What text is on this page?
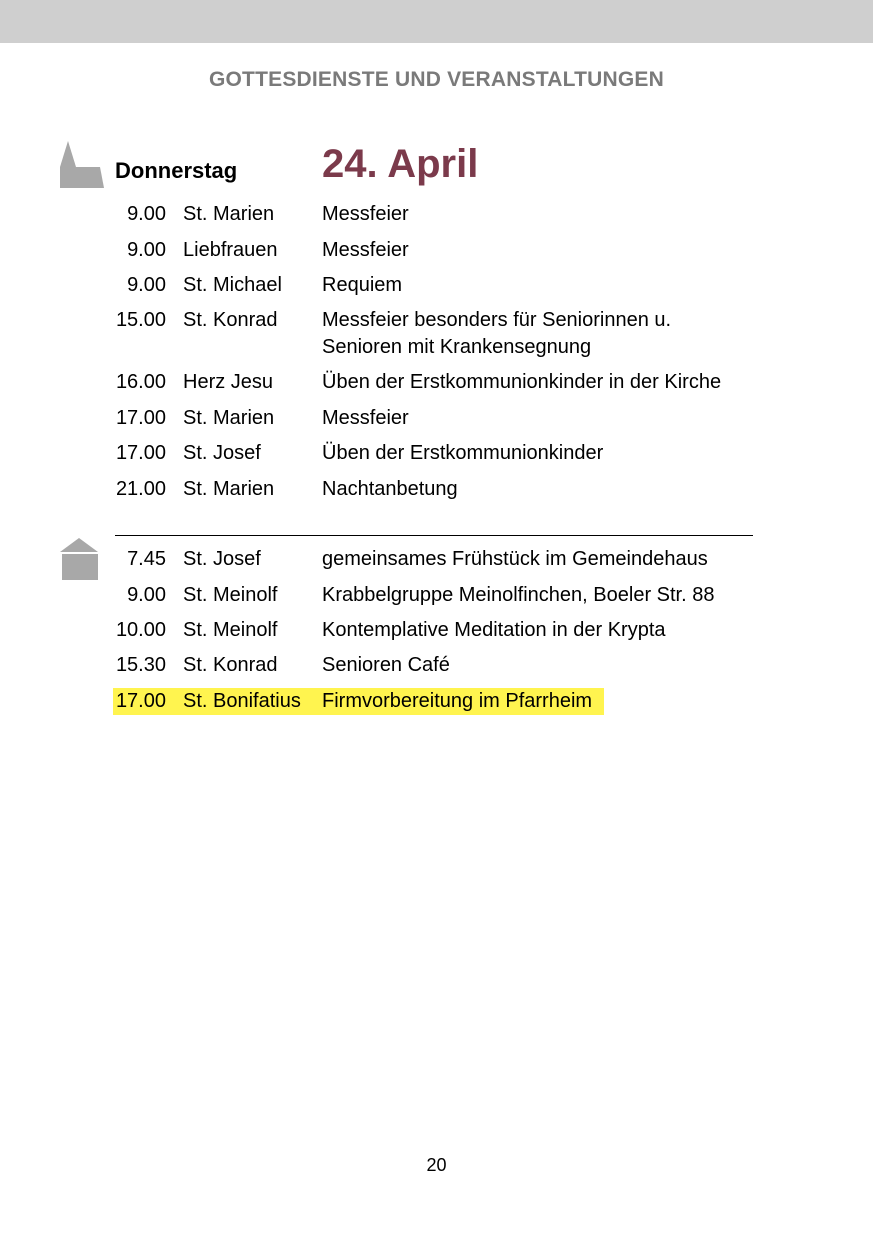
GOTTESDIENSTE UND VERANSTALTUNGEN
Donnerstag 24. April
9.00 St. Marien Messfeier
9.00 Liebfrauen Messfeier
9.00 St. Michael Requiem
15.00 St. Konrad Messfeier besonders für Seniorinnen u. Senioren mit Krankensegnung
16.00 Herz Jesu Üben der Erstkommunionkinder in der Kirche
17.00 St. Marien Messfeier
17.00 St. Josef	Üben der Erstkommunionkinder
21.00 St. Marien Nachtanbetung
7.45 St. Josef	gemeinsames Frühstück im Gemeindehaus
9.00 St. Meinolf Krabbelgruppe Meinolfinchen, Boeler Str. 88
10.00 St. Meinolf Kontemplative Meditation in der Krypta
15.30 St. Konrad Senioren Café
17.00 St. Bonifatius Firmvorbereitung im Pfarrheim
20
